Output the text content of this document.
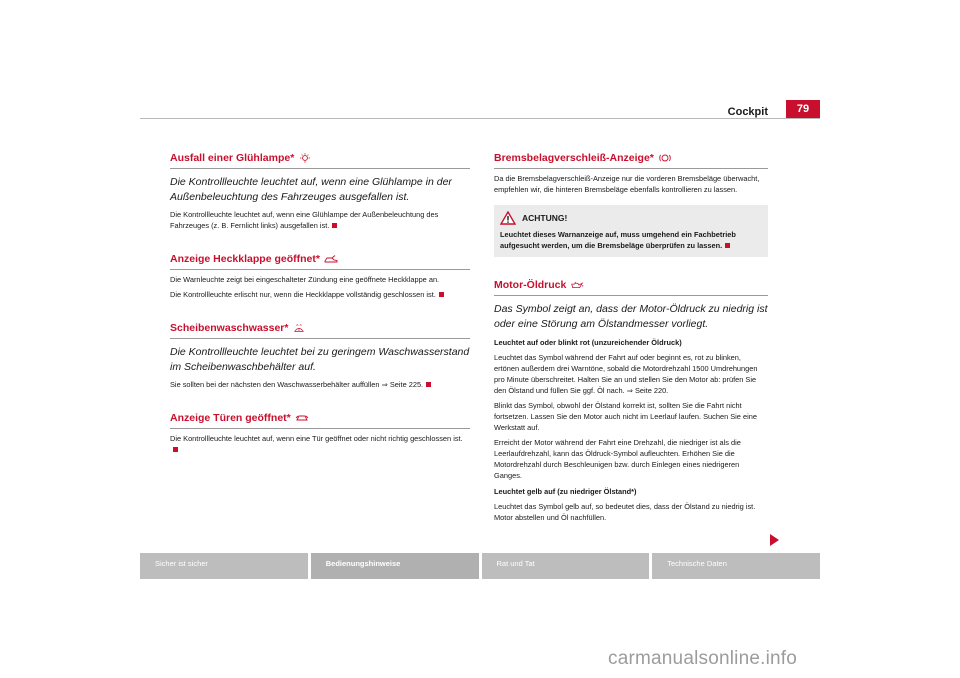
Cockpit	79
Ausfall einer Glühlampe*
Die Kontrollleuchte leuchtet auf, wenn eine Glühlampe in der Außenbeleuchtung des Fahrzeuges ausgefallen ist.
Die Kontrollleuchte leuchtet auf, wenn eine Glühlampe der Außenbeleuchtung des Fahrzeuges (z. B. Fernlicht links) ausgefallen ist.
Anzeige Heckklappe geöffnet*
Die Warnleuchte zeigt bei eingeschalteter Zündung eine geöffnete Heckklappe an.
Die Kontrollleuchte erlischt nur, wenn die Heckklappe vollständig geschlossen ist.
Scheibenwaschwasser*
Die Kontrollleuchte leuchtet bei zu geringem Waschwasserstand im Scheibenwaschbehälter auf.
Sie sollten bei der nächsten den Waschwasserbehälter auffüllen ⇒ Seite 225.
Anzeige Türen geöffnet*
Die Kontrollleuchte leuchtet auf, wenn eine Tür geöffnet oder nicht richtig geschlossen ist.
Bremsbelagverschleiß-Anzeige*
Da die Bremsbelagverschleiß-Anzeige nur die vorderen Bremsbeläge überwacht, empfehlen wir, die hinteren Bremsbeläge ebenfalls kontrollieren zu lassen.
ACHTUNG!
Leuchtet dieses Warnanzeige auf, muss umgehend ein Fachbetrieb aufgesucht werden, um die Bremsbeläge überprüfen zu lassen.
Motor-Öldruck
Das Symbol zeigt an, dass der Motor-Öldruck zu niedrig ist oder eine Störung am Ölstandmesser vorliegt.
Leuchtet auf oder blinkt rot (unzureichender Öldruck)
Leuchtet das Symbol während der Fahrt auf oder beginnt es, rot zu blinken, ertönen außerdem drei Warntöne, sobald die Motordrehzahl 1500 Umdrehungen pro Minute überschreitet. Halten Sie an und stellen Sie den Motor ab: prüfen Sie den Ölstand und füllen Sie ggf. Öl nach. ⇒ Seite 220.
Blinkt das Symbol, obwohl der Ölstand korrekt ist, sollten Sie die Fahrt nicht fortsetzen. Lassen Sie den Motor auch nicht im Leerlauf laufen. Suchen Sie eine Werkstatt auf.
Erreicht der Motor während der Fahrt eine Drehzahl, die niedriger ist als die Leerlaufdrehzahl, kann das Öldruck-Symbol aufleuchten. Erhöhen Sie die Motordrehzahl durch Beschleunigen bzw. durch Einlegen eines niedrigeren Ganges.
Leuchtet gelb auf (zu niedriger Ölstand*)
Leuchtet das Symbol gelb auf, so bedeutet dies, dass der Ölstand zu niedrig ist. Motor abstellen und Öl nachfüllen.
Sicher ist sicher	Bedienungshinweise	Rat und Tat	Technische Daten
carmanualsonline.info
